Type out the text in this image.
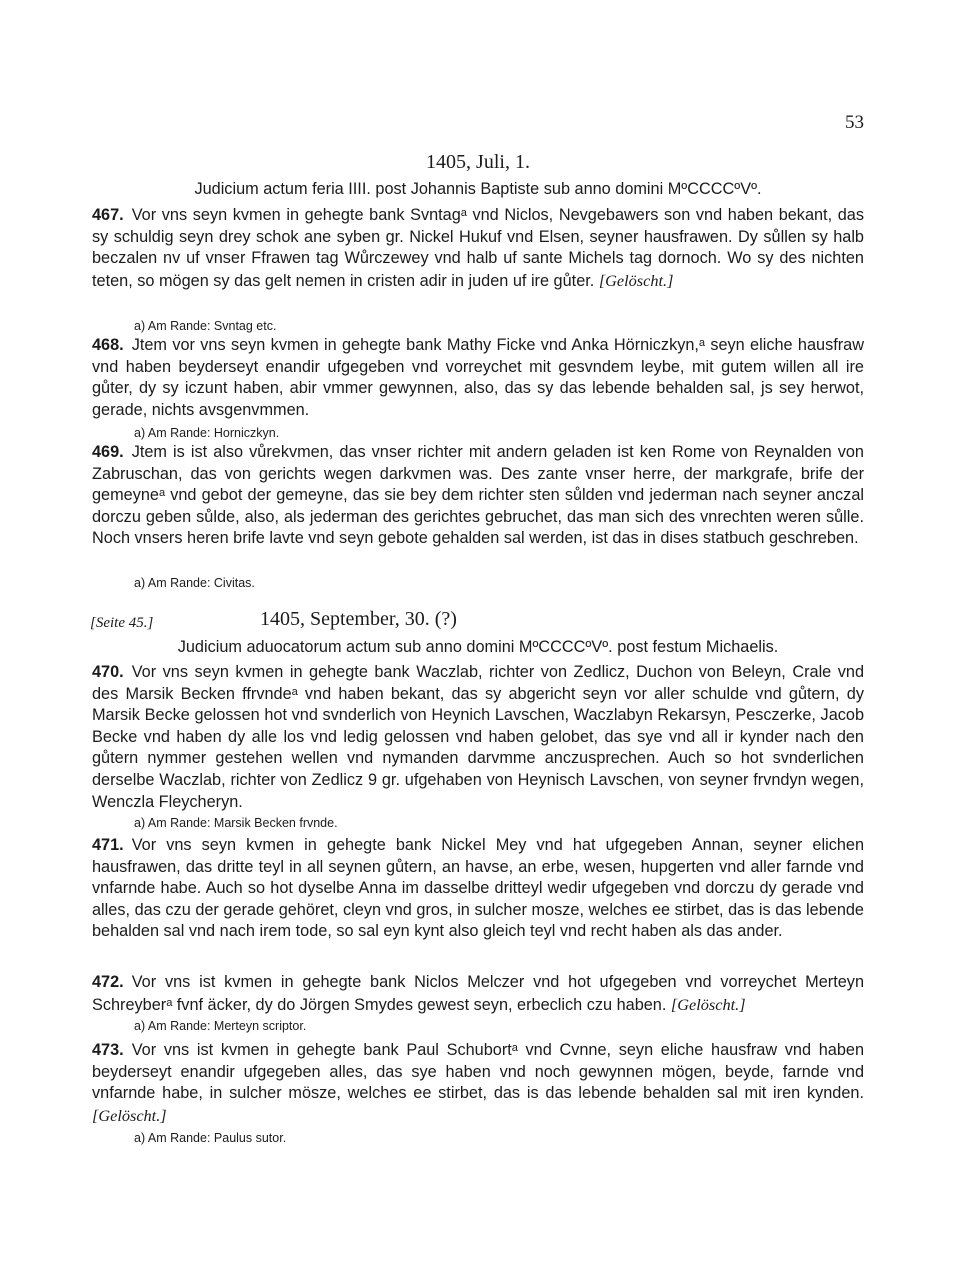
53
1405, Juli, 1.
Judicium actum feria IIII. post Johannis Baptiste sub anno domini MºCCCCºVº.
467. Vor vns seyn kvmen in gehegte bank Svntagᵃ vnd Niclos, Nevgebawers son vnd haben bekant, das sy schuldig seyn drey schok ane syben gr. Nickel Hukuf vnd Elsen, seyner hausfrawen. Dy sůllen sy halb beczalen nv uf vnser Ffrawen tag Wůrczewey vnd halb uf sante Michels tag dornoch. Wo sy des nichten teten, so mögen sy das gelt nemen in cristen adir in juden uf ire gůter. [Gelöscht.]
a) Am Rande: Svntag etc.
468. Jtem vor vns seyn kvmen in gehegte bank Mathy Ficke vnd Anka Hörniczkyn,ᵃ seyn eliche hausfraw vnd haben beyderseyt enandir ufgegeben vnd vorreychet mit gesvndem leybe, mit gutem willen all ire gůter, dy sy iczunt haben, abir vmmer gewynnen, also, das sy das lebende behalden sal, js sey herwot, gerade, nichts avsgenvmmen.
a) Am Rande: Horniczkyn.
469. Jtem is ist also vůrekvmen, das vnser richter mit andern geladen ist ken Rome von Reynalden von Zabruschan, das von gerichts wegen darkvmen was. Des zante vnser herre, der markgrafe, brife der gemeyneᵃ vnd gebot der gemeyne, das sie bey dem richter sten sůlden vnd jederman nach seyner anczal dorczu geben sůlde, also, als jederman des gerichtes gebruchet, das man sich des vnrechten weren sůlle. Noch vnsers heren brife lavte vnd seyn gebote gehalden sal werden, ist das in dises statbuch geschreben.
a) Am Rande: Civitas.
[Seite 45.]	1405, September, 30. (?)
Judicium aduocatorum actum sub anno domini MºCCCCºVº. post festum Michaelis.
470. Vor vns seyn kvmen in gehegte bank Waczlab, richter von Zedlicz, Duchon von Beleyn, Crale vnd des Marsik Becken ffrvndeᵃ vnd haben bekant, das sy abgericht seyn vor aller schulde vnd gůtern, dy Marsik Becke gelossen hot vnd svnderlich von Heynich Lavschen, Waczlabyn Rekarsyn, Pesczerke, Jacob Becke vnd haben dy alle los vnd ledig gelossen vnd haben gelobet, das sye vnd all ir kynder nach den gůtern nymmer gestehen wellen vnd nymanden darvmme anczusprechen. Auch so hot svnderlichen derselbe Waczlab, richter von Zedlicz 9 gr. ufgehaben von Heynisch Lavschen, von seyner frvndyn wegen, Wenczla Fleycheryn.
a) Am Rande: Marsik Becken frvnde.
471. Vor vns seyn kvmen in gehegte bank Nickel Mey vnd hat ufgegeben Annan, seyner elichen hausfrawen, das dritte teyl in all seynen gůtern, an havse, an erbe, wesen, hupgerten vnd aller farnde vnd vnfarnde habe. Auch so hot dyselbe Anna im dasselbe dritteyl wedir ufgegeben vnd dorczu dy gerade vnd alles, das czu der gerade gehöret, cleyn vnd gros, in sulcher mosze, welches ee stirbet, das is das lebende behalden sal vnd nach irem tode, so sal eyn kynt also gleich teyl vnd recht haben als das ander.
472. Vor vns ist kvmen in gehegte bank Niclos Melczer vnd hot ufgegeben vnd vorreychet Merteyn Schreyberᵃ fvnf äcker, dy do Jörgen Smydes gewest seyn, erbeclich czu haben. [Gelöscht.]
a) Am Rande: Merteyn scriptor.
473. Vor vns ist kvmen in gehegte bank Paul Schubortᵃ vnd Cvnne, seyn eliche hausfraw vnd haben beyderseyt enandir ufgegeben alles, das sye haben vnd noch gewynnen mögen, beyde, farnde vnd vnfarnde habe, in sulcher mösze, welches ee stirbet, das is das lebende behalden sal mit iren kynden. [Gelöscht.]
a) Am Rande: Paulus sutor.
